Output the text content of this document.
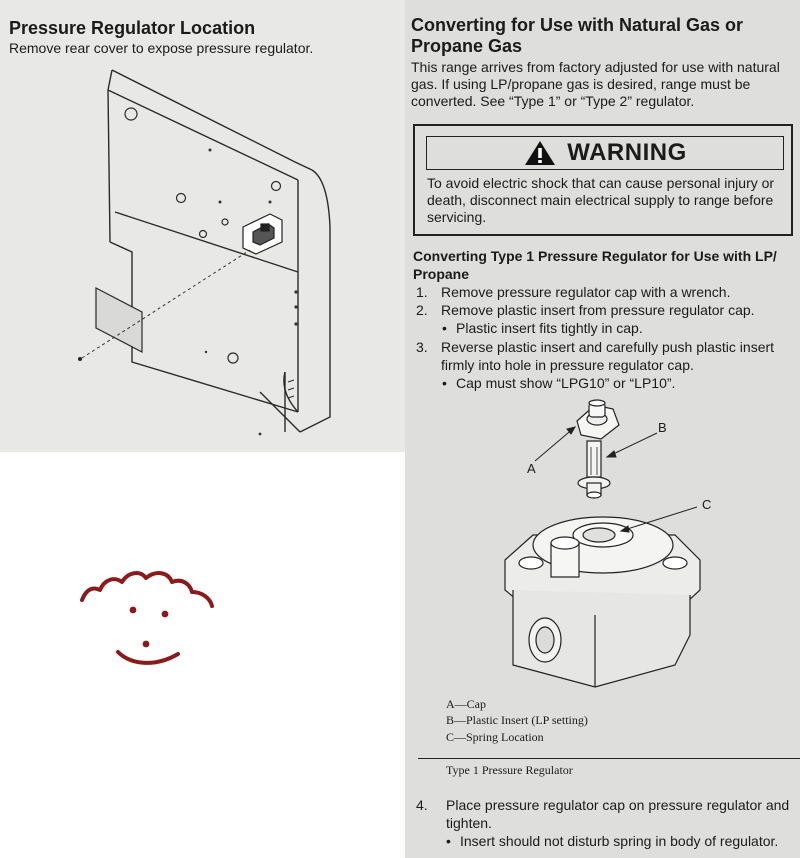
Pressure Regulator Location
Remove rear cover to expose pressure regulator.
Converting for Use with Natural Gas or Propane Gas
This range arrives from factory adjusted for use with natural gas. If using LP/propane gas is desired, range must be converted. See “Type 1” or “Type 2” regulator.
WARNING
To avoid electric shock that can cause personal injury or death, disconnect main electrical supply to range before servicing.
Converting Type 1 Pressure Regulator for Use with LP/ Propane
1. Remove pressure regulator cap with a wrench.
2. Remove plastic insert from pressure regulator cap.
• Plastic insert fits tightly in cap.
3. Reverse plastic insert and carefully push plastic insert firmly into hole in pressure regulator cap.
• Cap must show “LPG10” or “LP10”.
A
B
C
A—Cap
B—Plastic Insert (LP setting)
C—Spring Location
Type 1 Pressure Regulator
4. Place pressure regulator cap on pressure regulator and tighten.
• Insert should not disturb spring in body of regulator.
